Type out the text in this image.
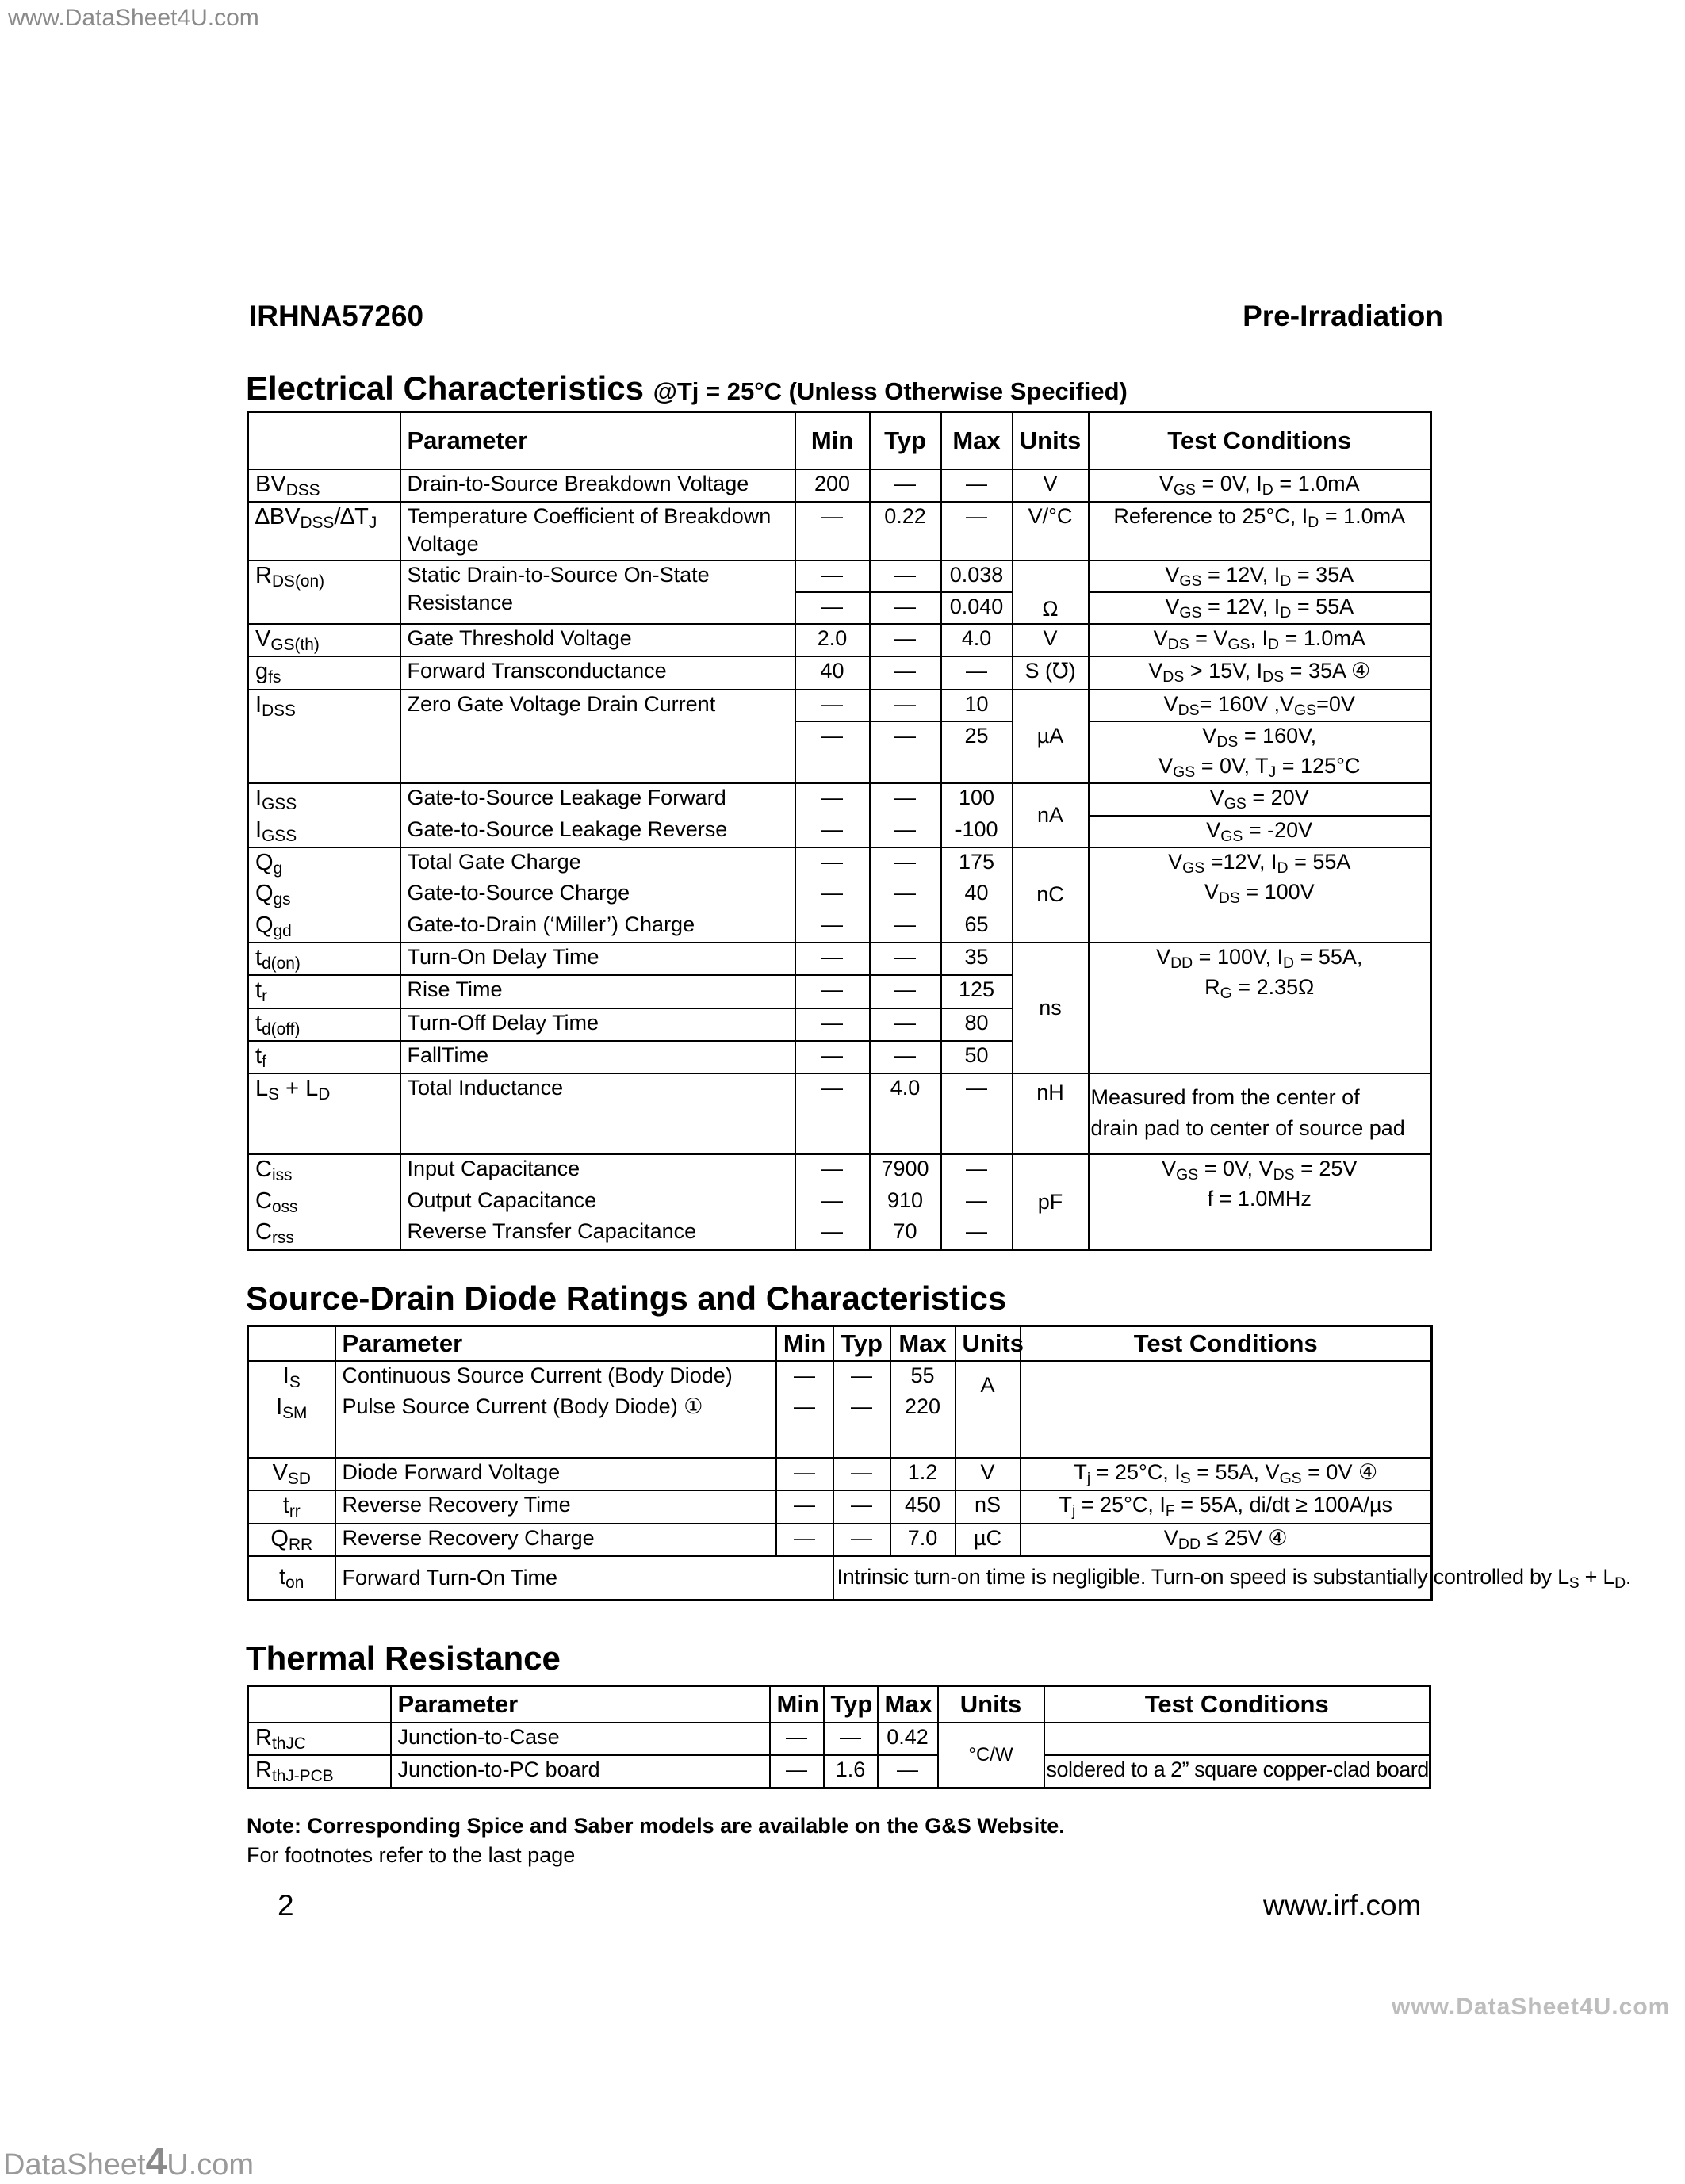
www.DataSheet4U.com
IRHNA57260	Pre-Irradiation
Electrical Characteristics @Tj = 25°C (Unless Otherwise Specified)
	Parameter	Min	Typ	Max	Units	Test Conditions
$BV_{DSS}$	Drain-to-Source Breakdown Voltage	200	—	—	V	$V_{GS} = 0V$, $I_D = 1.0mA$
$\Delta BV_{DSS}/\Delta T_J$	Temperature Coefficient of Breakdown Voltage	—	0.22	—	V/°C	Reference to 25°C, $I_D = 1.0mA$
$R_{DS(on)}$	Static Drain-to-Source On-State Resistance	—	—	0.038	Ω	$V_{GS} = 12V$, $I_D = 35A$
		—	—	0.040		$V_{GS} = 12V$, $I_D = 55A$
$V_{GS(th)}$	Gate Threshold Voltage	2.0	—	4.0	V	$V_{DS} = V_{GS}$, $I_D = 1.0mA$
$g_{fs}$	Forward Transconductance	40	—	—	S (℧)	$V_{DS} > 15V$, $I_{DS} = 35A$ ④
$I_{DSS}$	Zero Gate Voltage Drain Current	—	—	10	µA	$V_{DS}= 160V$ $,V_{GS}=0V$
		—	—	25		$V_{DS} = 160V$,
$V_{GS} = 0V$, $T_J = 125^\circ C$
$I_{GSS}$	Gate-to-Source Leakage Forward	—	—	100	nA	$V_{GS} = 20V$
$I_{GSS}$	Gate-to-Source Leakage Reverse	—	—	-100		$V_{GS} = -20V$
$Q_g$	Total Gate Charge	—	—	175	nC	$V_{GS} =12V$, $I_D = 55A$
$V_{DS} = 100V$
$Q_{gs}$	Gate-to-Source Charge	—	—	40		
$Q_{gd}$	Gate-to-Drain (‘Miller’) Charge	—	—	65		
$t_{d(on)}$	Turn-On Delay Time	—	—	35	ns	$V_{DD} = 100V$, $I_D = 55A$,
$R_G = 2.35\Omega$
$t_r$	Rise Time	—	—	125		
$t_{d(off)}$	Turn-Off Delay Time	—	—	80		
$t_f$	FallTime	—	—	50		
$L_S + L_D$	Total Inductance	—	4.0	—	nH	Measured from the center of
drain pad to center of source pad
$C_{iss}$	Input Capacitance	—	7900	—	pF	$V_{GS} = 0V$, $V_{DS} = 25V$
f = 1.0MHz
$C_{oss}$	Output Capacitance	—	910	—		
$C_{rss}$	Reverse Transfer Capacitance	—	70	—		
Source-Drain Diode Ratings and Characteristics
	Parameter	Min	Typ	Max	Units	Test Conditions
$I_S$	Continuous Source Current (Body Diode)	—	—	55	A	
$I_{SM}$	Pulse Source Current (Body Diode) ①	—	—	220		
$V_{SD}$	Diode Forward Voltage	—	—	1.2	V	$T_j = 25^\circ C$, $I_S = 55A$, $V_{GS} = 0V$ ④
$t_{rr}$	Reverse Recovery Time	—	—	450	nS	$T_j = 25^\circ C$, $I_F = 55A$, di/dt ≥ 100A/µs
$Q_{RR}$	Reverse Recovery Charge	—	—	7.0	µC	$V_{DD} \le 25V$ ④
$t_{on}$	Forward Turn-On Time		Intrinsic turn-on time is negligible. Turn-on speed is substantially controlled by $L_S + L_D$.			
Thermal Resistance
	Parameter	Min	Typ	Max	Units	Test Conditions
$R_{thJC}$	Junction-to-Case	—	—	0.42	°C/W	
$R_{thJ-PCB}$	Junction-to-PC board	—	1.6	—		soldered to a 2” square copper-clad board
Note: Corresponding Spice and Saber models are available on the G&S Website.
For footnotes refer to the last page
2	www.irf.com
www.DataSheet4U.com
DataSheet4U.com
